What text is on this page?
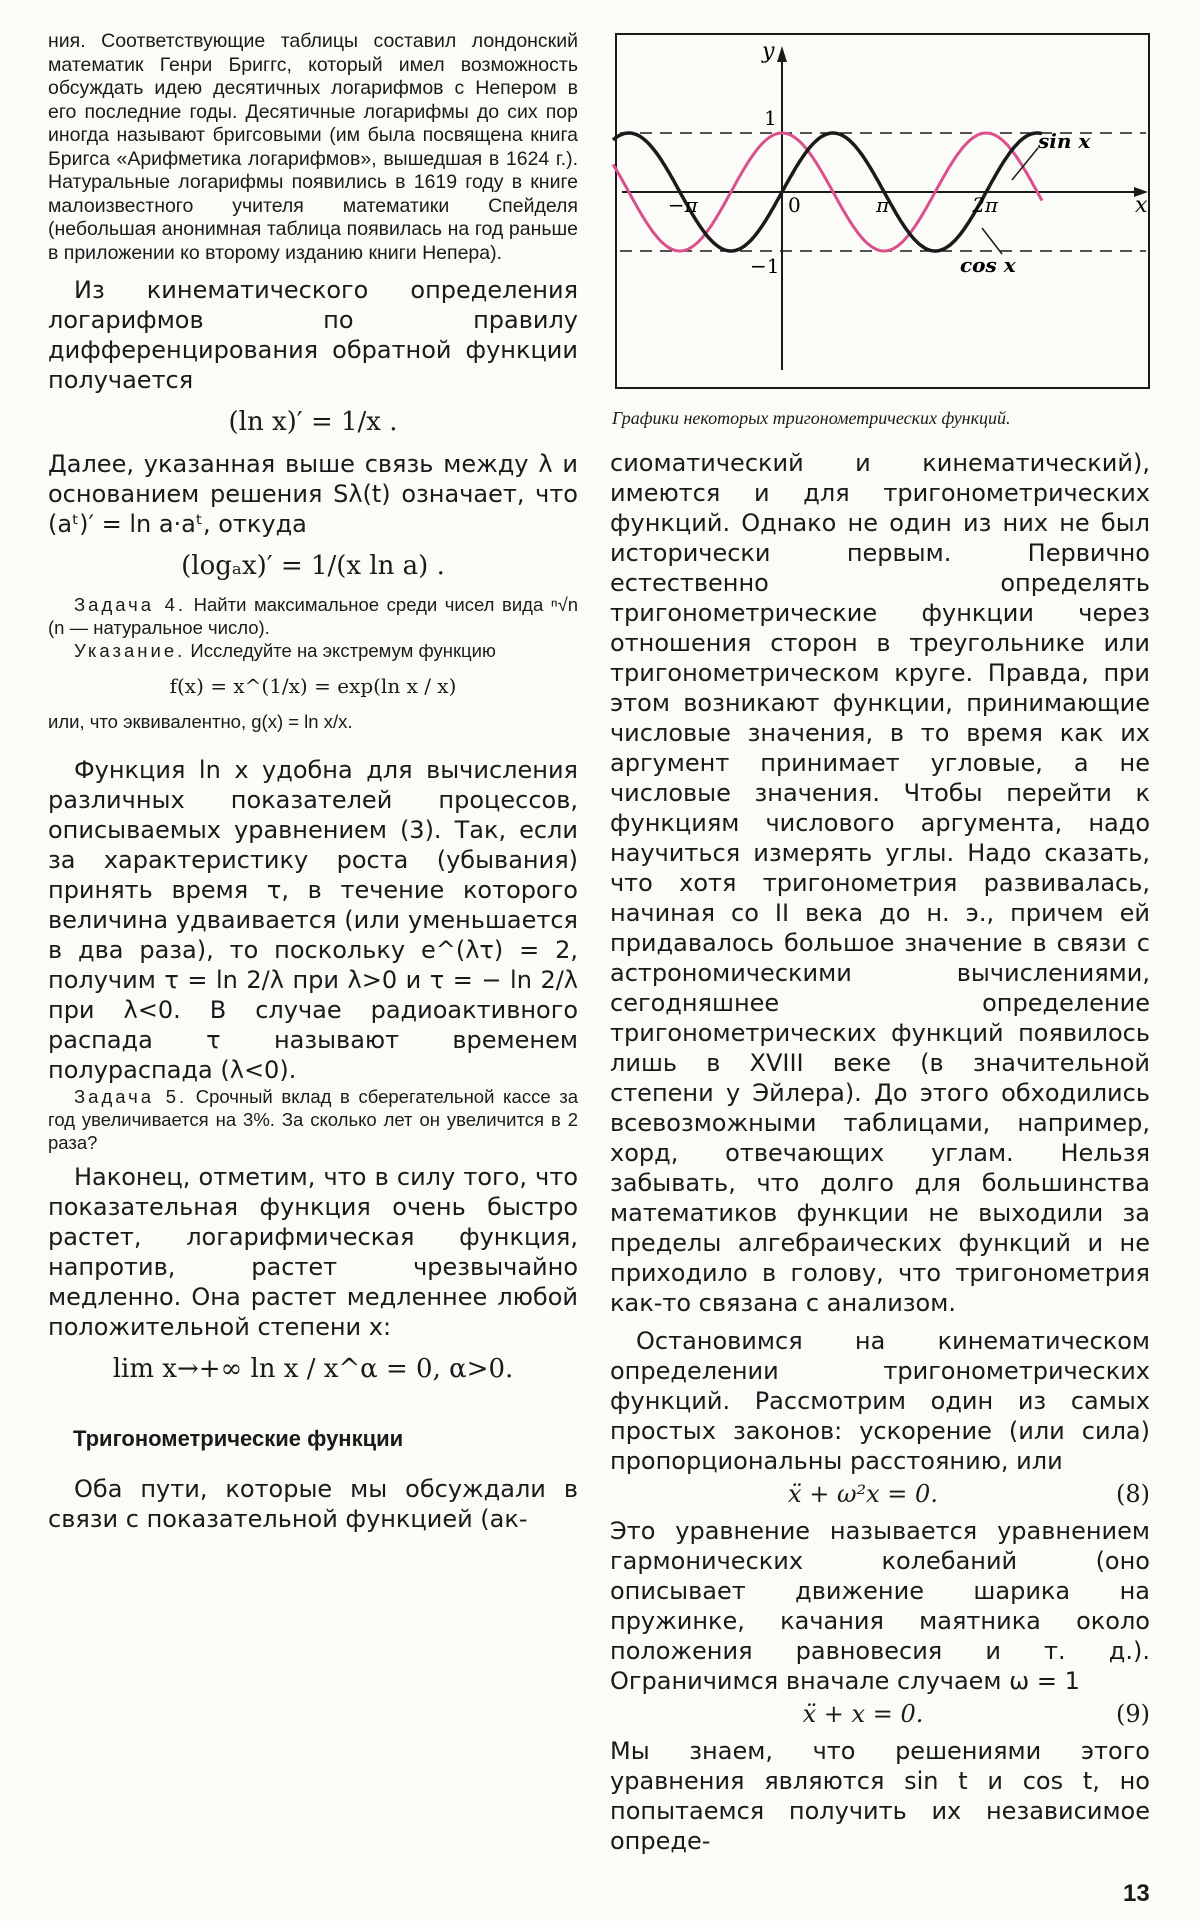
ния. Соответствующие таблицы составил лондонский математик Генри Бриггс, который имел возможность обсуждать идею десятичных логарифмов с Непером в его последние годы. Десятичные логарифмы до сих пор иногда называют бригсовыми (им была посвящена книга Бригса «Арифметика логарифмов», вышедшая в 1624 г.). Натуральные логарифмы появились в 1619 году в книге малоизвестного учителя математики Спейделя (небольшая анонимная таблица появилась на год раньше в приложении ко второму изданию книги Непера).

Из кинематического определения логарифмов по правилу дифференцирования обратной функции получается

(ln x)′ = 1/x .

Далее, указанная выше связь между λ и основанием решения Sλ(t) означает, что (aᵗ)′ = ln a·aᵗ, откуда

(logₐx)′ = 1/(x ln a) .

Задача 4. Найти максимальное среди чисел вида ⁿ√n (n — натуральное число).

Указание. Исследуйте на экстремум функцию

f(x) = x^(1/x) = exp(ln x / x)

или, что эквивалентно, g(x) = ln x/x.

Функция ln x удобна для вычисления различных показателей процессов, описываемых уравнением (3). Так, если за характеристику роста (убывания) принять время τ, в течение которого величина удваивается (или уменьшается в два раза), то поскольку e^(λτ) = 2, получим τ = ln 2/λ при λ>0 и τ = − ln 2/λ при λ<0. В случае радиоактивного распада τ называют временем полураспада (λ<0).

Задача 5. Срочный вклад в сберегательной кассе за год увеличивается на 3%. За сколько лет он увеличится в 2 раза?

Наконец, отметим, что в силу того, что показательная функция очень быстро растет, логарифмическая функция, напротив, растет чрезвычайно медленно. Она растет медленнее любой положительной степени x:

lim x→+∞ ln x / x^α = 0, α>0.
Тригонометрические функции

Оба пути, которые мы обсуждали в связи с показательной функцией (ак-

y
x
1
−1
0
−π	π	2π
sin x
cos x
Графики некоторых тригонометрических функций.

сиоматический и кинематический), имеются и для тригонометрических функций. Однако не один из них не был исторически первым. Первично естественно определять тригонометрические функции через отношения сторон в треугольнике или тригонометрическом круге. Правда, при этом возникают функции, принимающие числовые значения, в то время как их аргумент принимает угловые, а не числовые значения. Чтобы перейти к функциям числового аргумента, надо научиться измерять углы. Надо сказать, что хотя тригонометрия развивалась, начиная со II века до н. э., причем ей придавалось большое значение в связи с астрономическими вычислениями, сегодняшнее определение тригонометрических функций появилось лишь в XVIII веке (в значительной степени у Эйлера). До этого обходились всевозможными таблицами, например, хорд, отвечающих углам. Нельзя забывать, что долго для большинства математиков функции не выходили за пределы алгебраических функций и не приходило в голову, что тригонометрия как-то связана с анализом.

Остановимся на кинематическом определении тригонометрических функций. Рассмотрим один из самых простых законов: ускорение (или сила) пропорциональны расстоянию, или

ẍ + ω²x = 0.	(8)

Это уравнение называется уравнением гармонических колебаний (оно описывает движение шарика на пружинке, качания маятника около положения равновесия и т. д.). Ограничимся вначале случаем ω = 1

ẍ + x = 0.	(9)

Мы знаем, что решениями этого уравнения являются sin t и cos t, но попытаемся получить их независимое опреде-

13
